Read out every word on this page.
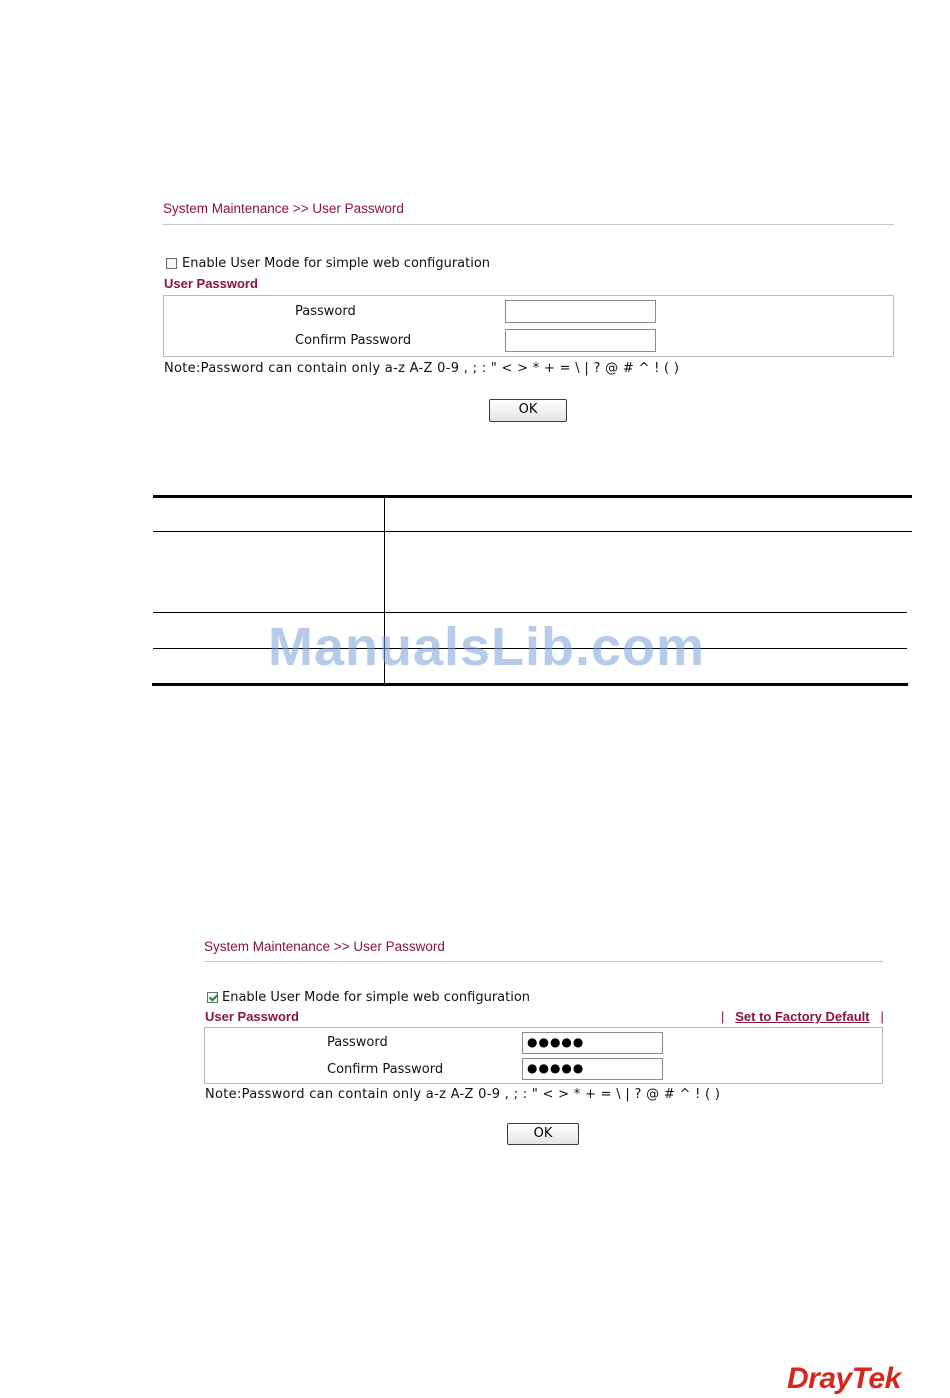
System Maintenance >> User Password
Enable User Mode for simple web configuration
User Password
Password
Confirm Password
Note:Password can contain only a-z A-Z 0-9 , ; : " < > * + = \ | ? @ # ^ ! ( )
OK
ManualsLib.com
System Maintenance >> User Password
Enable User Mode for simple web configuration
User Password	| Set to Factory Default |
Password	●●●●●
Confirm Password	●●●●●
Note:Password can contain only a-z A-Z 0-9 , ; : " < > * + = \ | ? @ # ^ ! ( )
OK
DrayTek
